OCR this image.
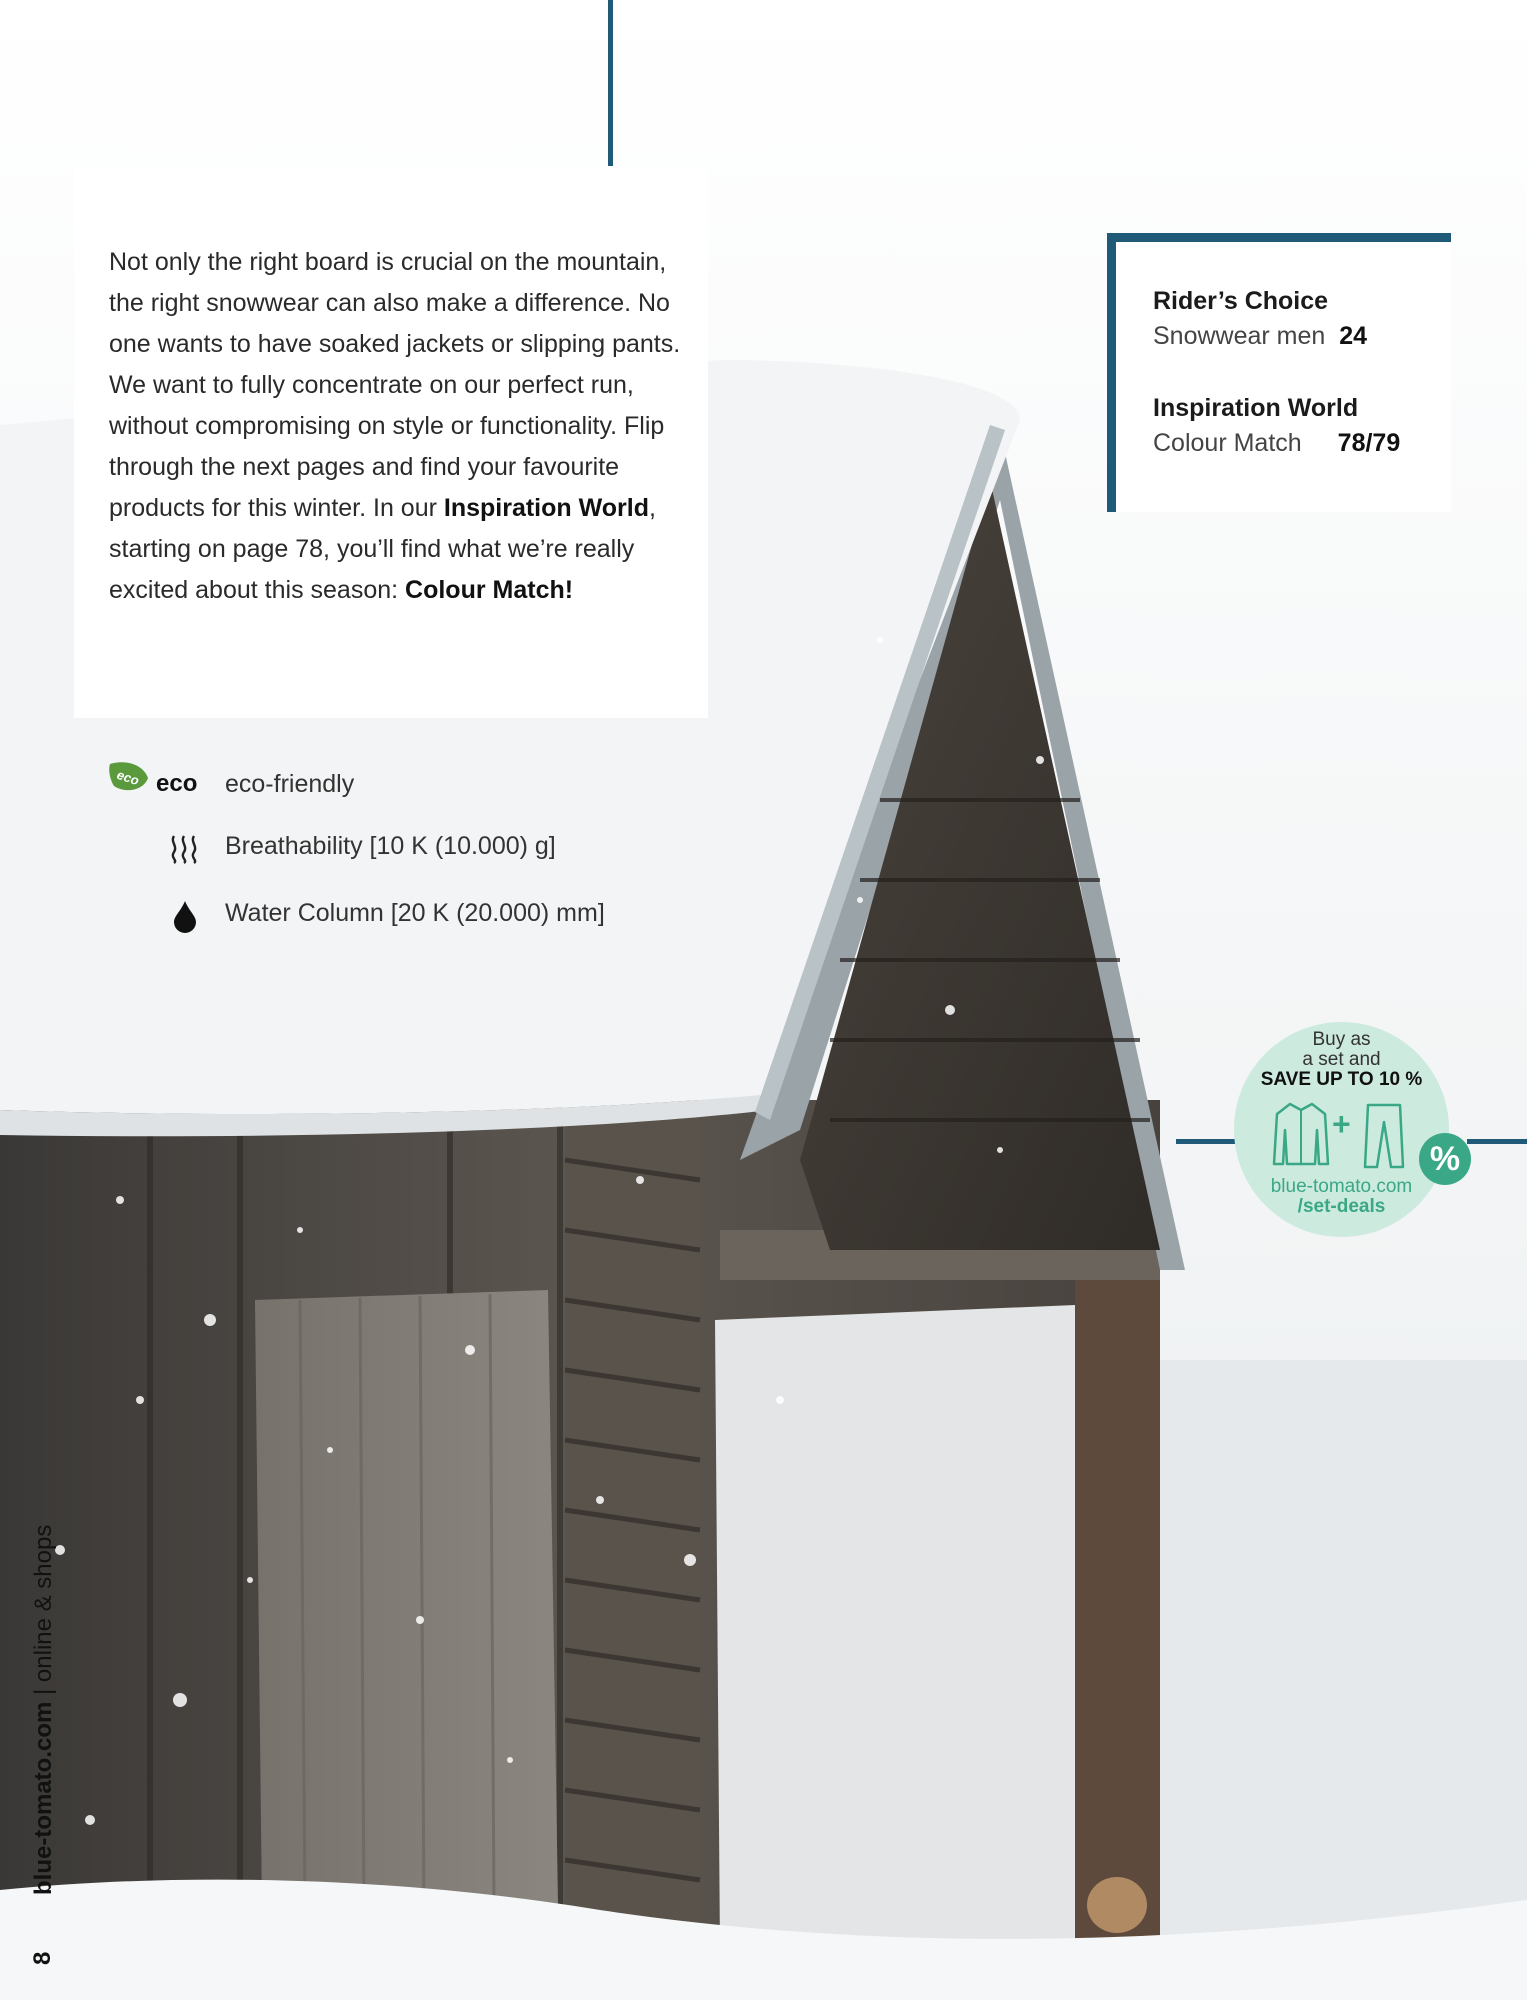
Not only the right board is crucial on the mountain, the right snowwear can also make a difference. No one wants to have soaked jackets or slipping pants. We want to fully concentrate on our perfect run, without compromising on style or functionality. Flip through the next pages and find your favourite products for this winter. In our Inspiration World, starting on page 78, you’ll find what we’re really excited about this season: Colour Match!

Rider’s Choice
Snowwear men 24
Inspiration World
Colour Match 78/79
eco eco eco-friendly
Breathability [10 K (10.000) g]
Water Column [20 K (20.000) mm]
Buy as
a set and
SAVE UP TO 10 %
+
blue-tomato.com
/set-deals
%
blue-tomato.com | online & shops
8
